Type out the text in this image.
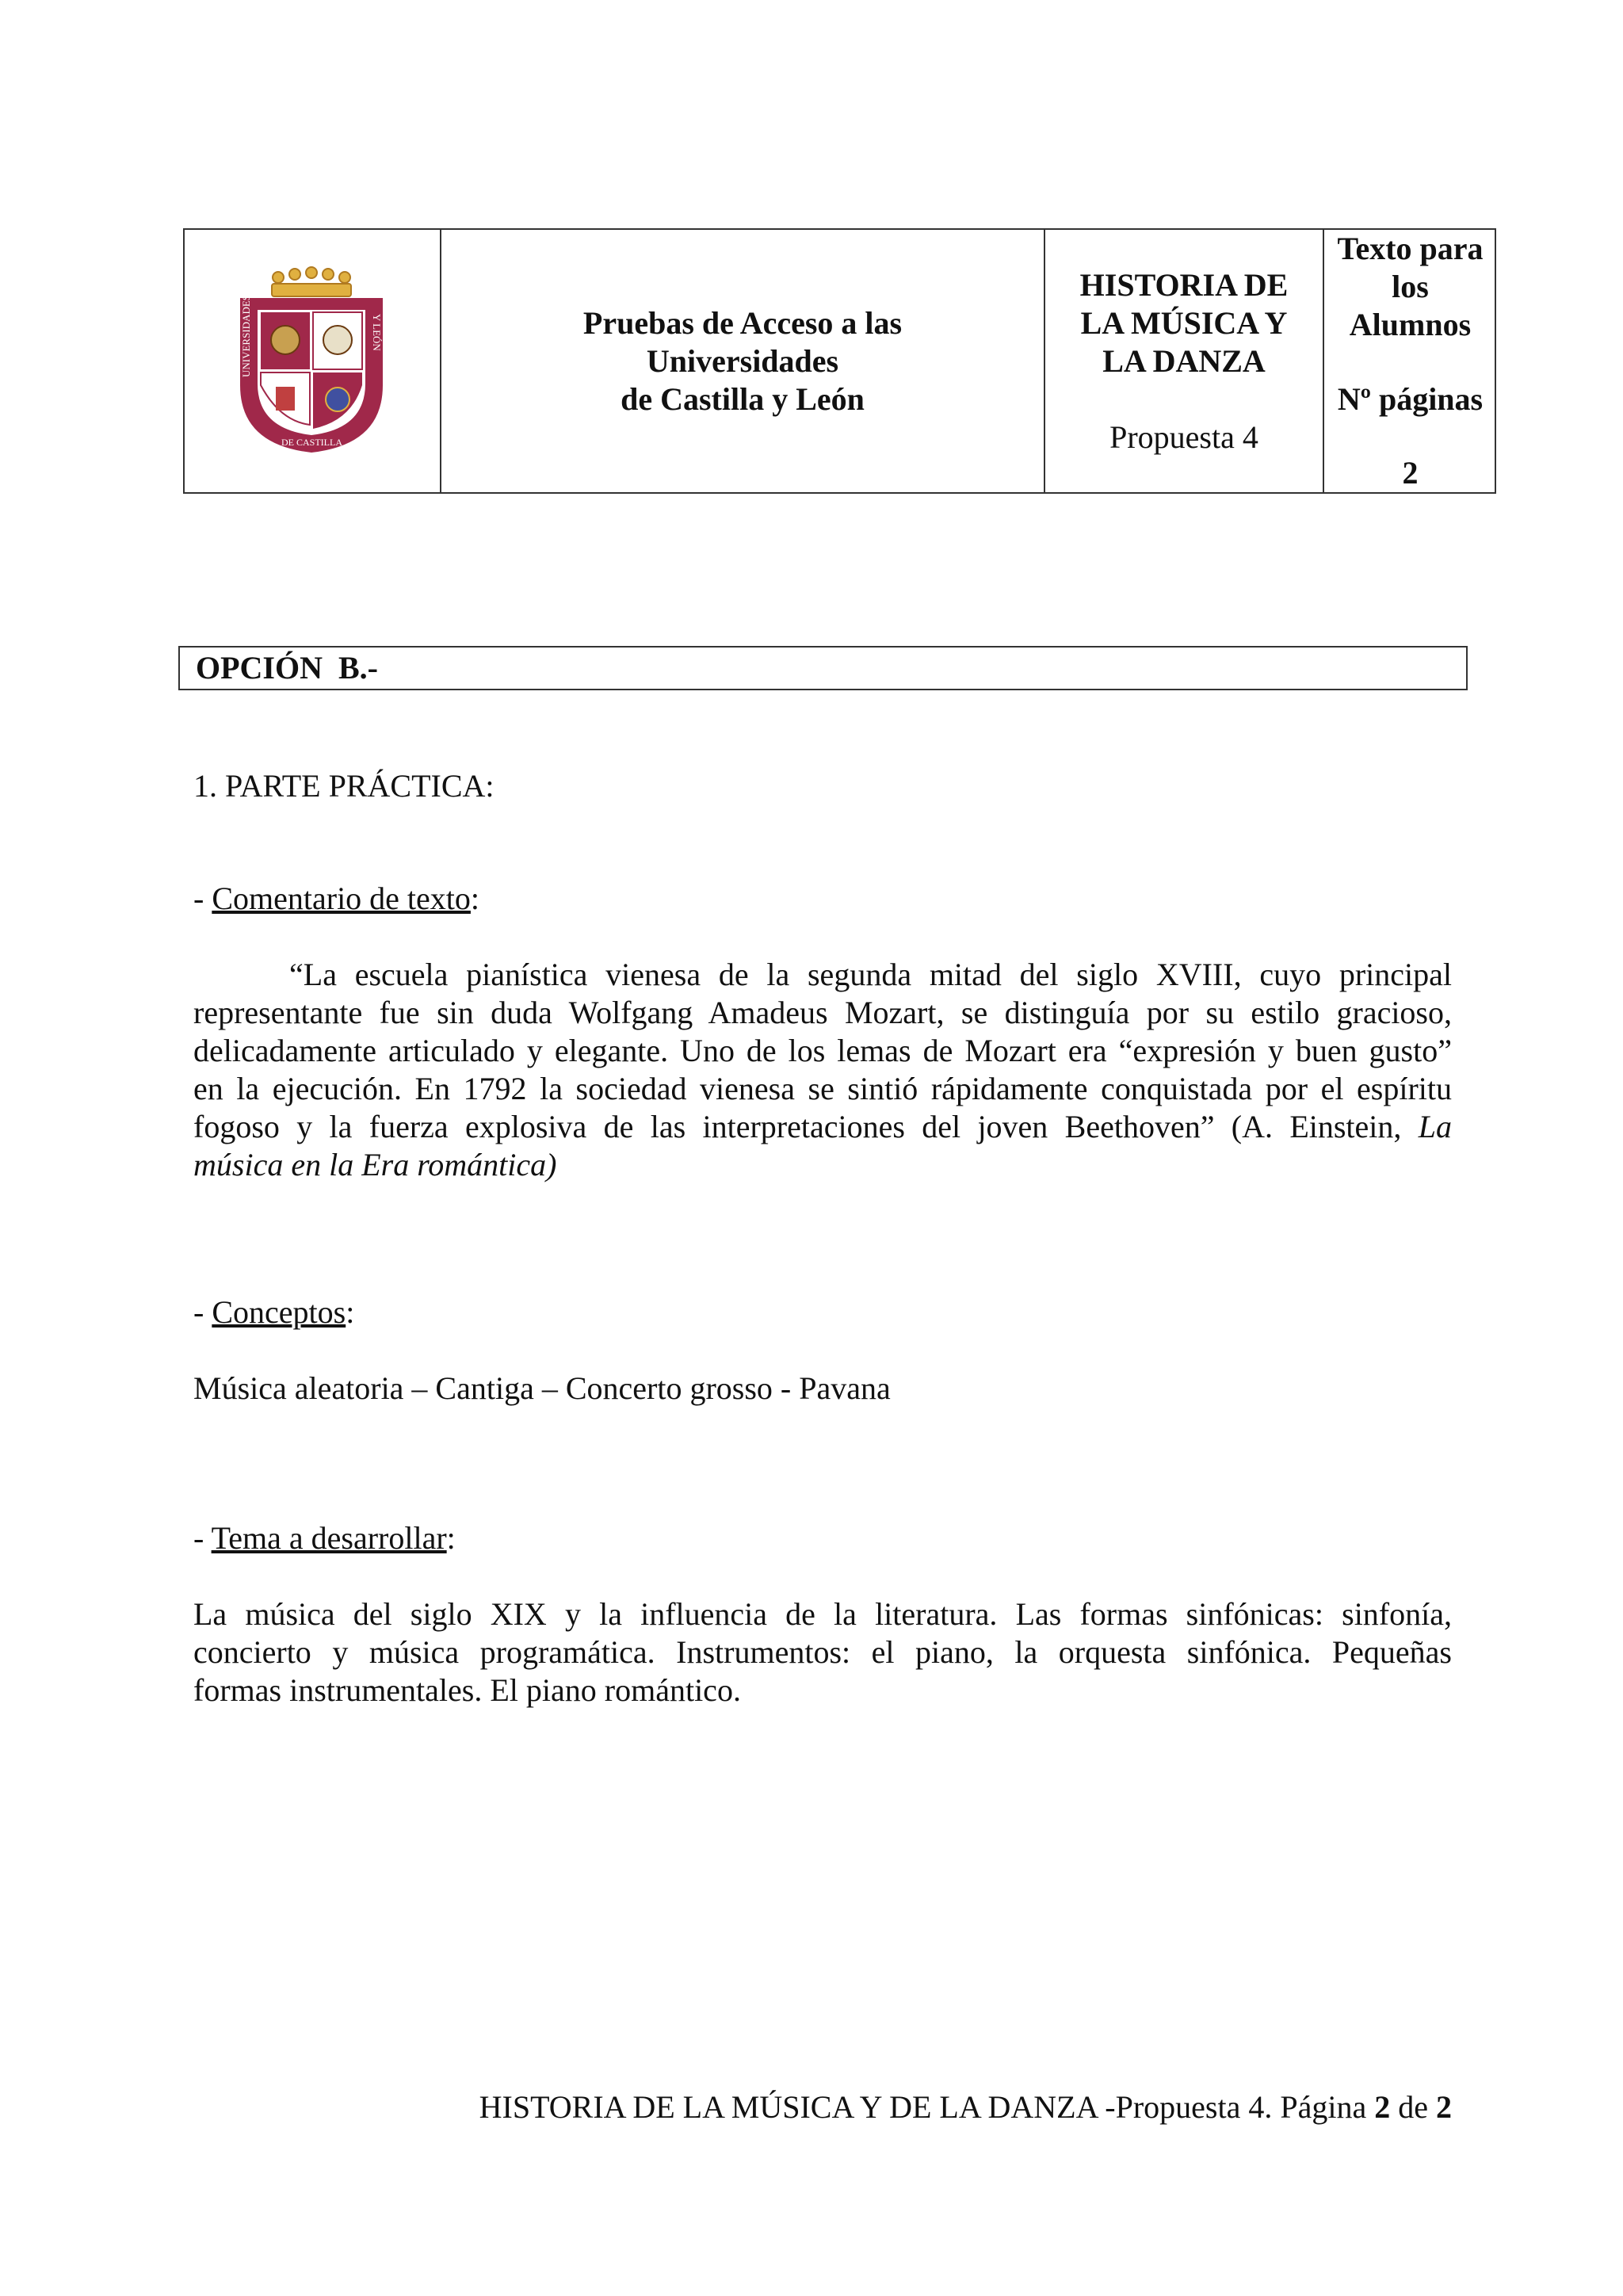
UNIVERSIDADES	Y LEÓN
DE CASTILLA
Pruebas de Acceso a las
Universidades
de Castilla y León
HISTORIA DE
LA MÚSICA Y
LA DANZA
Propuesta 4
Texto para
los
Alumnos
Nº páginas
2
OPCIÓN  B.-
1. PARTE PRÁCTICA:
- Comentario de texto:
“La escuela pianística vienesa de la segunda mitad del siglo XVIII, cuyo principal
representante fue sin duda Wolfgang Amadeus Mozart, se distinguía por su estilo gracioso,
delicadamente articulado y elegante. Uno de los lemas de Mozart era “expresión y buen gusto”
en la ejecución. En 1792 la sociedad vienesa se sintió rápidamente conquistada por el espíritu
fogoso y la fuerza explosiva de las interpretaciones del joven Beethoven” (A. Einstein, La
música en la Era romántica)
- Conceptos:
Música aleatoria – Cantiga – Concerto grosso - Pavana
- Tema a desarrollar:
La música del siglo XIX y la influencia de la literatura. Las formas sinfónicas: sinfonía,
concierto y música programática. Instrumentos: el piano, la orquesta sinfónica. Pequeñas
formas instrumentales. El piano romántico.
HISTORIA DE LA MÚSICA Y DE LA DANZA -Propuesta 4. Página 2 de 2
